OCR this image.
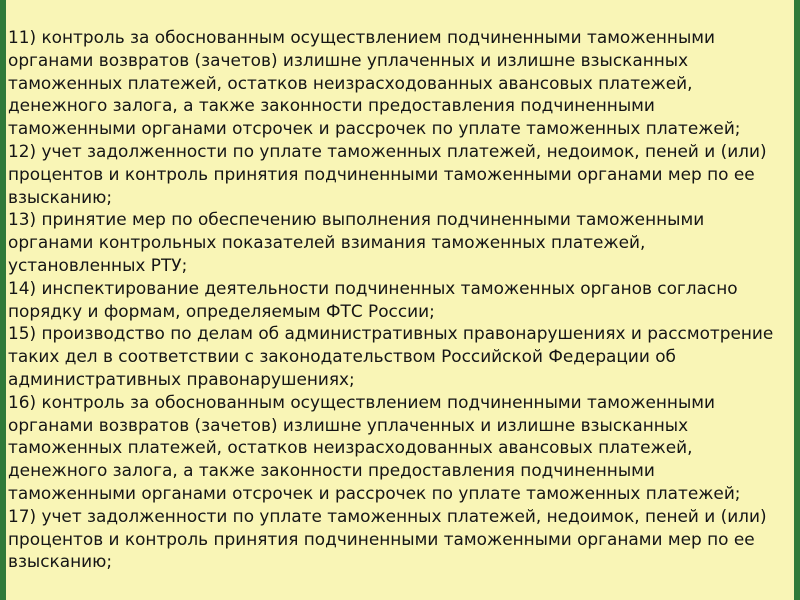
11) контроль за обоснованным осуществлением подчиненными таможенными органами возвратов (зачетов) излишне уплаченных и излишне взысканных таможенных платежей, остатков неизрасходованных авансовых платежей, денежного залога, а также законности предоставления подчиненными таможенными органами отсрочек и рассрочек по уплате таможенных платежей;

12) учет задолженности по уплате таможенных платежей, недоимок, пеней и (или) процентов и контроль принятия подчиненными таможенными органами мер по ее взысканию;

13) принятие мер по обеспечению выполнения подчиненными таможенными органами контрольных показателей взимания таможенных платежей, установленных РТУ;

14) инспектирование деятельности подчиненных таможенных органов согласно порядку и формам, определяемым ФТС России;

15) производство по делам об административных правонарушениях и рассмотрение таких дел в соответствии с законодательством Российской Федерации об административных правонарушениях;

16) контроль за обоснованным осуществлением подчиненными таможенными органами возвратов (зачетов) излишне уплаченных и излишне взысканных таможенных платежей, остатков неизрасходованных авансовых платежей, денежного залога, а также законности предоставления подчиненными таможенными органами отсрочек и рассрочек по уплате таможенных платежей;

17) учет задолженности по уплате таможенных платежей, недоимок, пеней и (или) процентов и контроль принятия подчиненными таможенными органами мер по ее взысканию;
